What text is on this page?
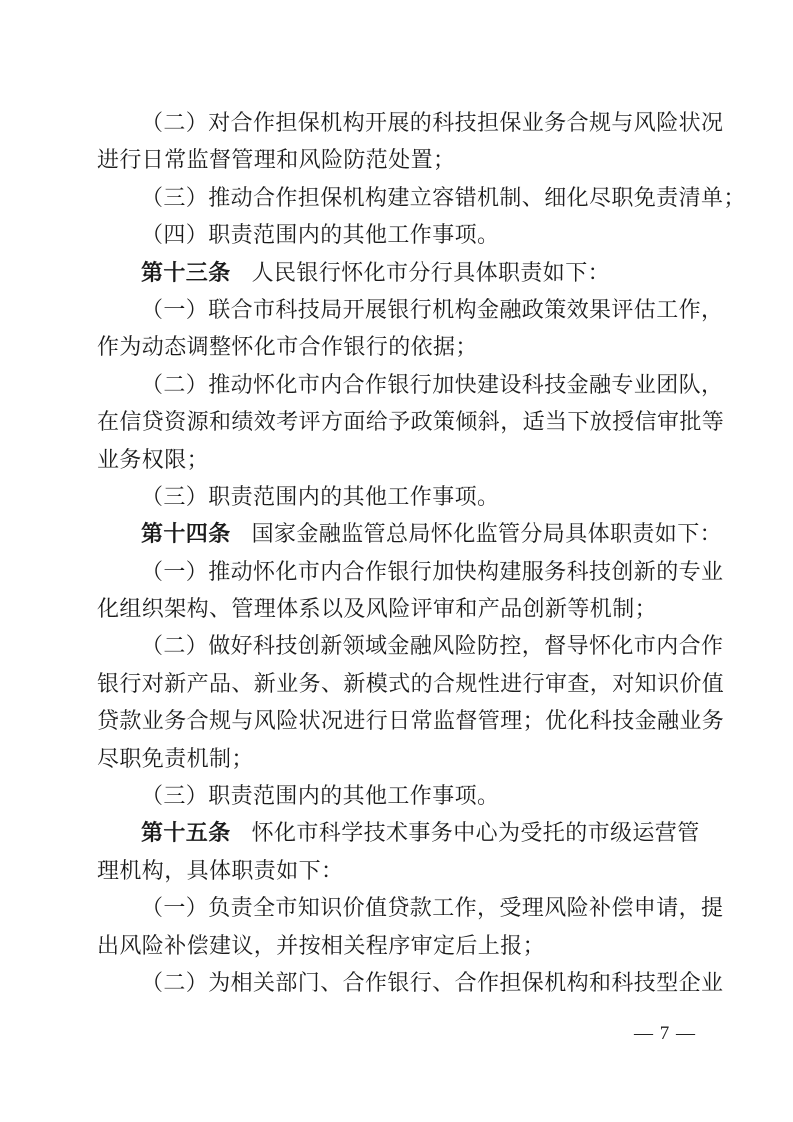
（二）对合作担保机构开展的科技担保业务合规与风险状况
进行日常监督管理和风险防范处置；
（三）推动合作担保机构建立容错机制、细化尽职免责清单；
（四）职责范围内的其他工作事项。
第十三条 人民银行怀化市分行具体职责如下：
（一）联合市科技局开展银行机构金融政策效果评估工作，
作为动态调整怀化市合作银行的依据；
（二）推动怀化市内合作银行加快建设科技金融专业团队，
在信贷资源和绩效考评方面给予政策倾斜，适当下放授信审批等
业务权限；
（三）职责范围内的其他工作事项。
第十四条 国家金融监管总局怀化监管分局具体职责如下：
（一）推动怀化市内合作银行加快构建服务科技创新的专业
化组织架构、管理体系以及风险评审和产品创新等机制；
（二）做好科技创新领域金融风险防控，督导怀化市内合作
银行对新产品、新业务、新模式的合规性进行审查，对知识价值
贷款业务合规与风险状况进行日常监督管理；优化科技金融业务
尽职免责机制；
（三）职责范围内的其他工作事项。
第十五条 怀化市科学技术事务中心为受托的市级运营管
理机构，具体职责如下：
（一）负责全市知识价值贷款工作，受理风险补偿申请，提
出风险补偿建议，并按相关程序审定后上报；
（二）为相关部门、合作银行、合作担保机构和科技型企业
— 7 —
